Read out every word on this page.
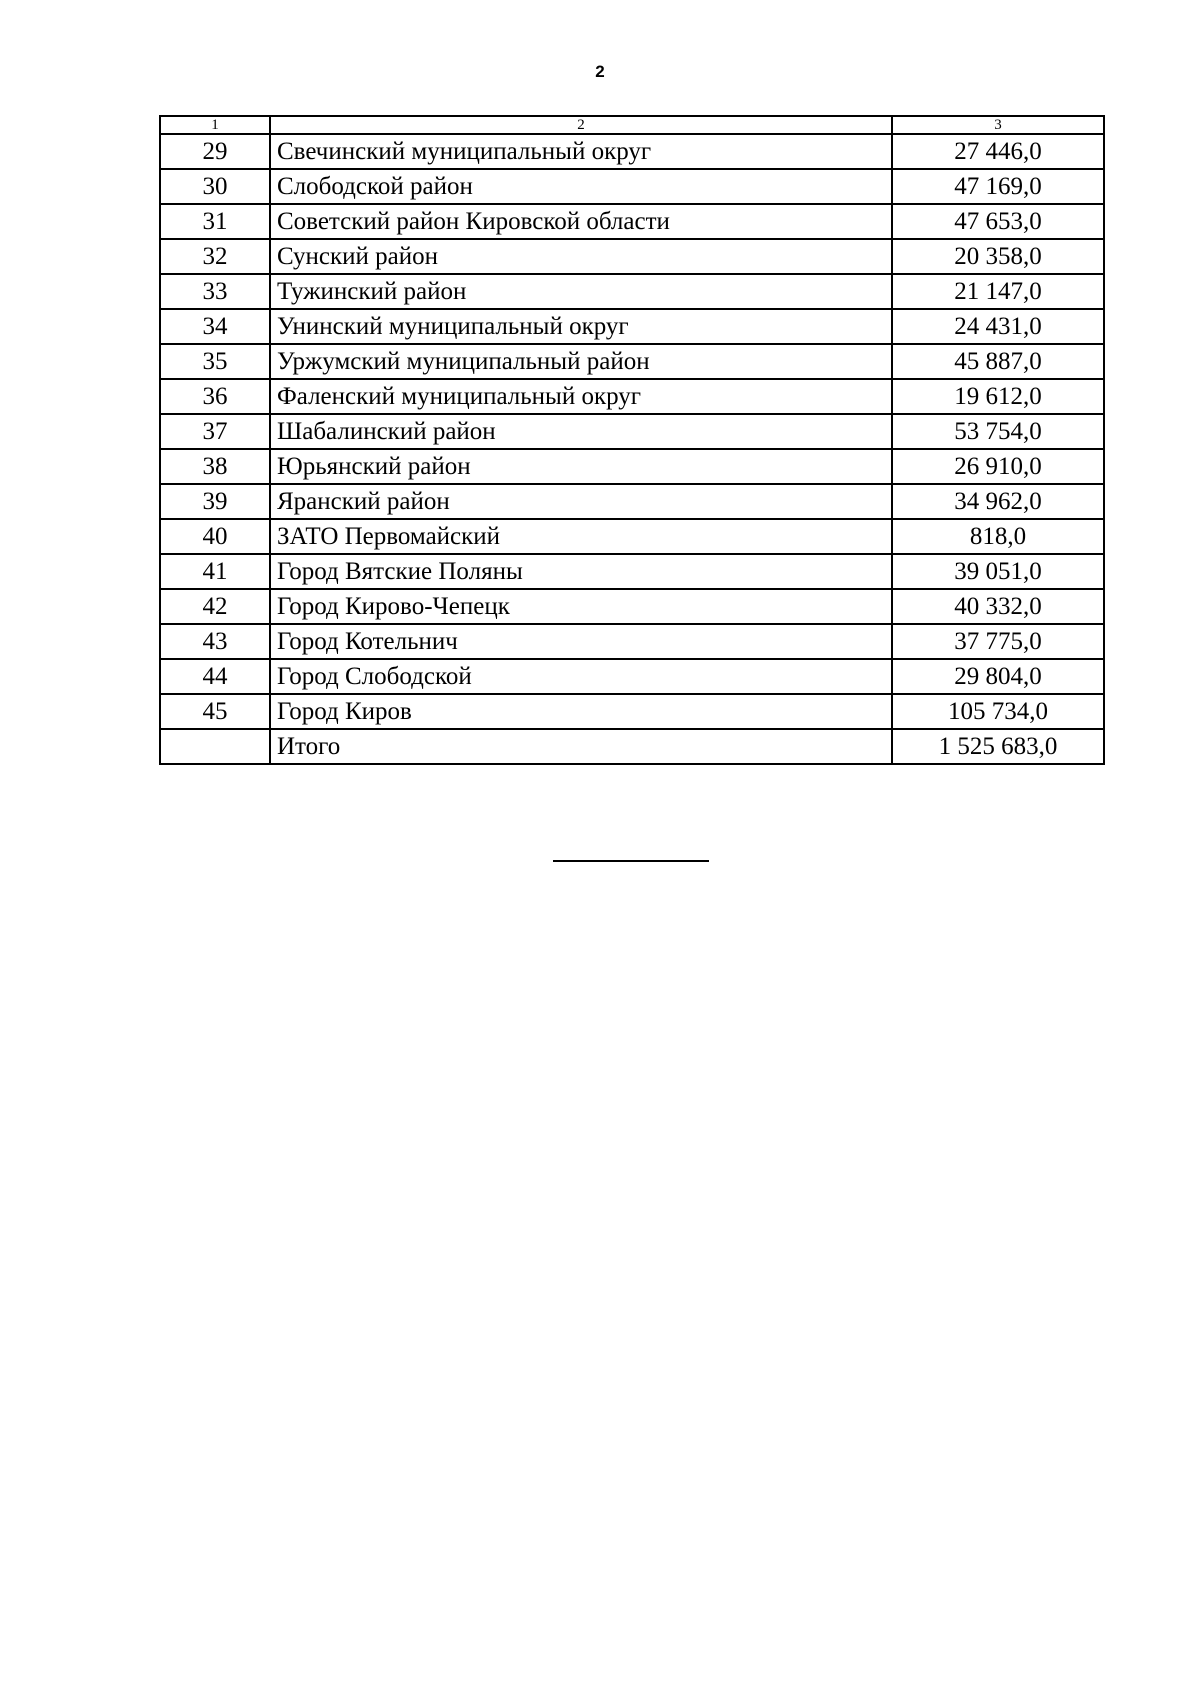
2
1	2	3
29	Свечинский муниципальный округ	27 446,0
30	Слободской район	47 169,0
31	Советский район Кировской области	47 653,0
32	Сунский район	20 358,0
33	Тужинский район	21 147,0
34	Унинский муниципальный округ	24 431,0
35	Уржумский муниципальный район	45 887,0
36	Фаленский муниципальный округ	19 612,0
37	Шабалинский район	53 754,0
38	Юрьянский район	26 910,0
39	Яранский район	34 962,0
40	ЗАТО Первомайский	818,0
41	Город Вятские Поляны	39 051,0
42	Город Кирово-Чепецк	40 332,0
43	Город Котельнич	37 775,0
44	Город Слободской	29 804,0
45	Город Киров	105 734,0
	Итого	1 525 683,0
